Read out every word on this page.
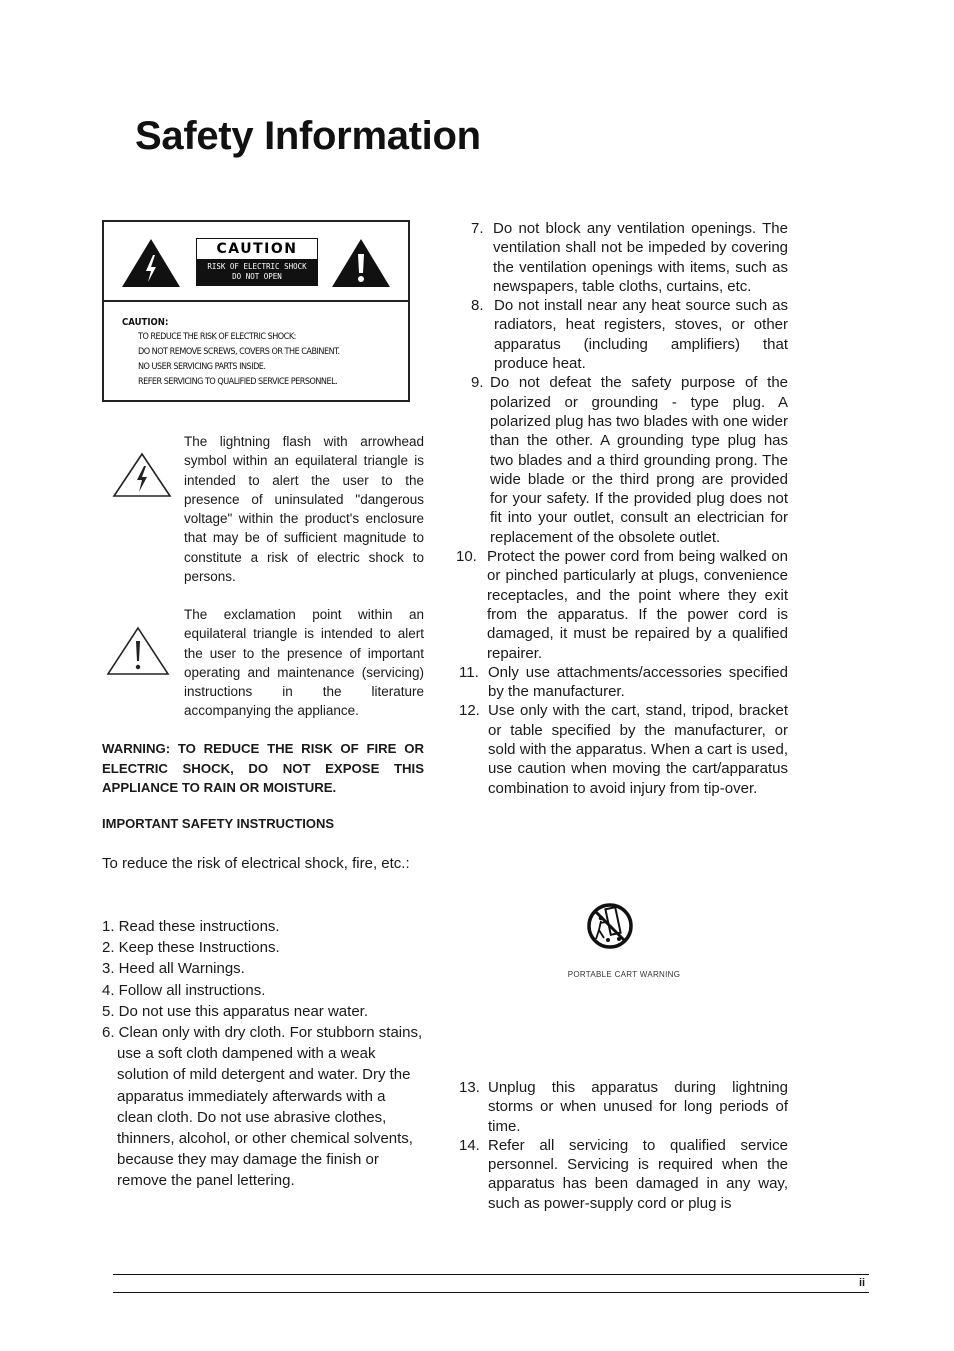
Safety Information
CAUTION
RISK OF ELECTRIC SHOCK
DO NOT OPEN
CAUTION:
TO REDUCE THE RISK OF ELECTRIC SHOCK:
DO NOT REMOVE SCREWS, COVERS OR THE CABINENT.
NO USER SERVICING PARTS INSIDE.
REFER SERVICING TO QUALIFIED SERVICE PERSONNEL.
The lightning flash with arrowhead symbol within an equilateral triangle is intended to alert the user to the presence of uninsulated "dangerous voltage" within the product's enclosure that may be of sufficient magnitude to constitute a risk of electric shock to persons.
The exclamation point within an equilateral triangle is intended to alert the user to the presence of important operating and maintenance (servicing) instructions in the literature accompanying the appliance.
WARNING: TO REDUCE THE RISK OF FIRE OR ELECTRIC SHOCK, DO NOT EXPOSE THIS APPLIANCE TO RAIN OR MOISTURE.
IMPORTANT SAFETY INSTRUCTIONS
To reduce the risk of electrical shock, fire, etc.:
1. Read these instructions.
2. Keep these Instructions.
3. Heed all Warnings.
4. Follow all instructions.
5. Do not use this apparatus near water.
6. Clean only with dry cloth. For stubborn stains, use a soft cloth dampened with a weak solution of mild detergent and water. Dry the apparatus immediately afterwards with a clean cloth. Do not use abrasive clothes, thinners, alcohol, or other chemical solvents, because they may damage the finish or remove the panel lettering.
7. Do not block any ventilation openings. The ventilation shall not be impeded by covering the ventilation openings with items, such as newspapers, table cloths, curtains, etc.
8. Do not install near any heat source such as radiators, heat registers, stoves, or other apparatus (including amplifiers) that produce heat.
9. Do not defeat the safety purpose of the polarized or grounding - type plug. A polarized plug has two blades with one wider than the other. A grounding type plug has two blades and a third grounding prong. The wide blade or the third prong are provided for your safety. If the provided plug does not fit into your outlet, consult an electrician for replacement of the obsolete outlet.
10. Protect the power cord from being walked on or pinched particularly at plugs, convenience receptacles, and the point where they exit from the apparatus. If the power cord is damaged, it must be repaired by a qualified repairer.
11. Only use attachments/accessories specified by the manufacturer.
12. Use only with the cart, stand, tripod, bracket or table specified by the manufacturer, or sold with the apparatus. When a cart is used, use caution when moving the cart/apparatus combination to avoid injury from tip-over.
PORTABLE CART WARNING
13. Unplug this apparatus during lightning storms or when unused for long periods of time.
14. Refer all servicing to qualified service personnel. Servicing is required when the apparatus has been damaged in any way, such as power-supply cord or plug is
ii
